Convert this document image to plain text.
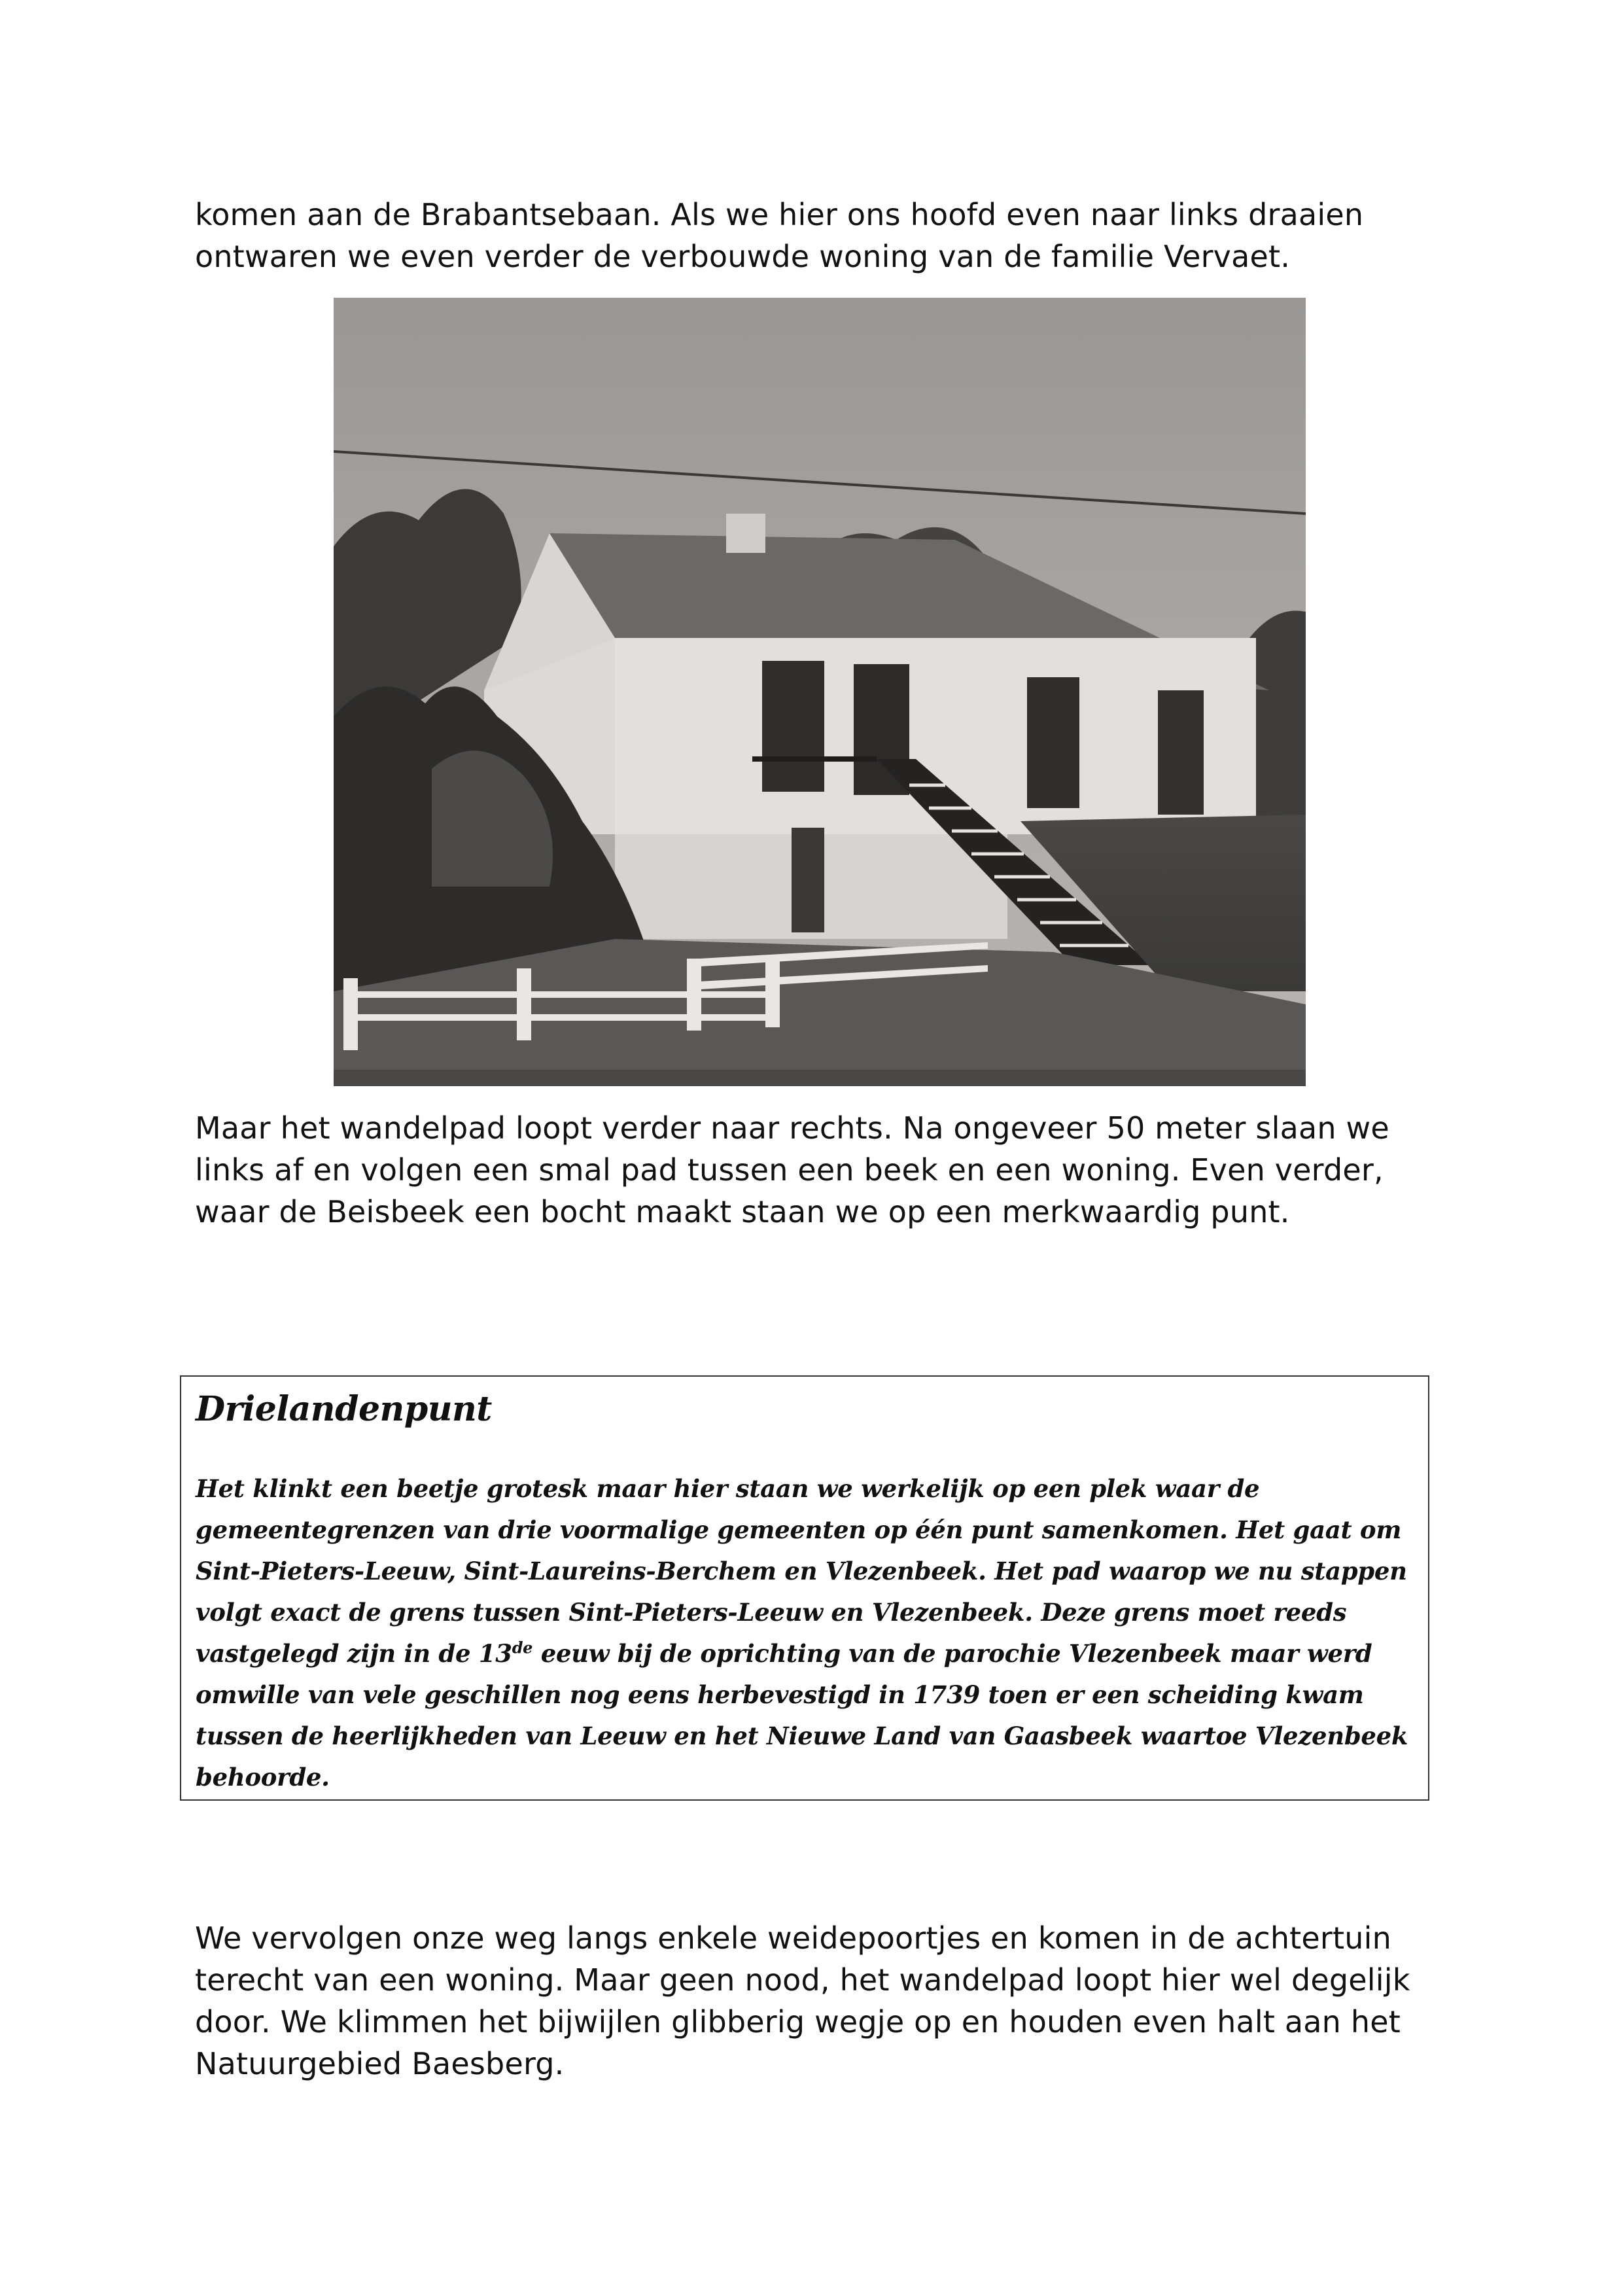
komen aan de Brabantsebaan. Als we hier ons hoofd even naar links draaien ontwaren we even verder de verbouwde woning van de familie Vervaet.

Maar het wandelpad loopt verder naar rechts. Na ongeveer 50 meter slaan we links af en volgen een smal pad tussen een beek en een woning. Even verder, waar de Beisbeek een bocht maakt staan we op een merkwaardig punt.

Drielandenpunt

Het klinkt een beetje grotesk maar hier staan we werkelijk op een plek waar de gemeentegrenzen van drie voormalige gemeenten op één punt samenkomen. Het gaat om Sint-Pieters-Leeuw, Sint-Laureins-Berchem en Vlezenbeek. Het pad waarop we nu stappen volgt exact de grens tussen Sint-Pieters-Leeuw en Vlezenbeek. Deze grens moet reeds vastgelegd zijn in de 13de eeuw bij de oprichting van de parochie Vlezenbeek maar werd omwille van vele geschillen nog eens herbevestigd in 1739 toen er een scheiding kwam tussen de heerlijkheden van Leeuw en het Nieuwe Land van Gaasbeek waartoe Vlezenbeek behoorde.

We vervolgen onze weg langs enkele weidepoortjes en komen in de achtertuin terecht van een woning. Maar geen nood, het wandelpad loopt hier wel degelijk door. We klimmen het bijwijlen glibberig wegje op en houden even halt aan het Natuurgebied Baesberg.
